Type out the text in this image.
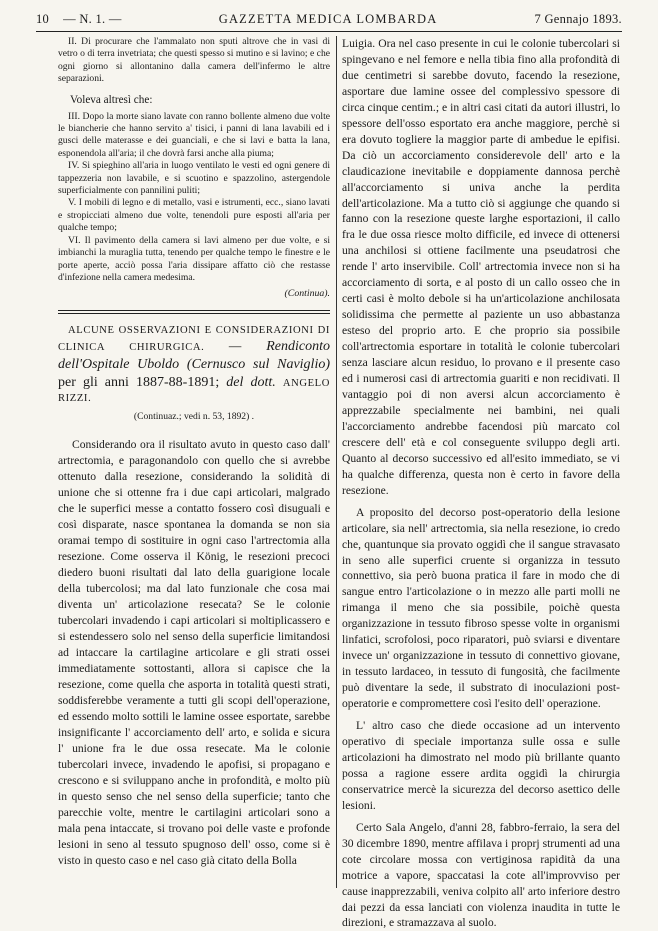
10 — N. 1. —	GAZZETTA MEDICA LOMBARDA	7 Gennajo 1893.

II. Di procurare che l'ammalato non sputi altrove che in vasi di vetro o di terra invetriata; che questi spesso si mutino e si lavino; e che ogni giorno si allontanino dalla camera dell'infermo le altre separazioni.

Voleva altresì che:

III. Dopo la morte siano lavate con ranno bollente almeno due volte le biancherie che hanno servito a' tisici, i panni di lana lavabili ed i gusci delle materasse e dei guanciali, e che si lavi e batta la lana, esponendola all'aria; il che dovrà farsi anche alla piuma;

IV. Si spieghino all'aria in luogo ventilato le vesti ed ogni genere di tappezzeria non lavabile, e si scuotino e spazzolino, astergendole superficialmente con pannilini puliti;

V. I mobili di legno e di metallo, vasi e istrumenti, ecc., siano lavati e stropicciati almeno due volte, tenendoli pure esposti all'aria per qualche tempo;

VI. Il pavimento della camera si lavi almeno per due volte, e si imbianchi la muraglia tutta, tenendo per qualche tempo le finestre e le porte aperte, acciò possa l'aria dissipare affatto ciò che restasse d'infezione nella camera medesima.

(Continua).
ALCUNE OSSERVAZIONI E CONSIDERAZIONI DI CLINICA CHIRURGICA. — Rendiconto dell'Ospitale Uboldo (Cernusco sul Naviglio) per gli anni 1887-88-1891; del dott. ANGELO RIZZI.
(Continuaz.; vedi n. 53, 1892) .

Considerando ora il risultato avuto in questo caso dall' artrectomia, e paragonandolo con quello che si avrebbe ottenuto dalla resezione, considerando la solidità di unione che si ottenne fra i due capi articolari, malgrado che le superfici messe a contatto fossero così disuguali e così disparate, nasce spontanea la domanda se non sia oramai tempo di sostituire in ogni caso l'artrectomia alla resezione. Come osserva il König, le resezioni precoci diedero buoni risultati dal lato della guarigione locale della tubercolosi; ma dal lato funzionale che cosa mai diventa un' articolazione resecata? Se le colonie tubercolari invadendo i capi articolari si moltiplicassero e si estendessero solo nel senso della superficie limitandosi ad intaccare la cartilagine articolare e gli strati ossei immediatamente sottostanti, allora si capisce che la resezione, come quella che asporta in totalità questi strati, soddisferebbe veramente a tutti gli scopi dell'operazione, ed essendo molto sottili le lamine ossee esportate, sarebbe insignificante l' accorciamento dell' arto, e solida e sicura l' unione fra le due ossa resecate. Ma le colonie tubercolari invece, invadendo le apofisi, si propagano e crescono e si sviluppano anche in profondità, e molto più in questo senso che nel senso della superficie; tanto che parecchie volte, mentre le cartilagini articolari sono a mala pena intaccate, si trovano poi delle vaste e profonde lesioni in seno al tessuto spugnoso dell' osso, come si è visto in questo caso e nel caso già citato della Bolla

Luigia. Ora nel caso presente in cui le colonie tubercolari si spingevano e nel femore e nella tibia fino alla profondità di due centimetri si sarebbe dovuto, facendo la resezione, asportare due lamine ossee del complessivo spessore di circa cinque centim.; e in altri casi citati da autori illustri, lo spessore dell'osso esportato era anche maggiore, perchè si era dovuto togliere la maggior parte di ambedue le epifisi. Da ciò un accorciamento considerevole dell' arto e la claudicazione inevitabile e doppiamente dannosa perchè all'accorciamento si univa anche la perdita dell'articolazione. Ma a tutto ciò si aggiunge che quando si fanno con la resezione queste larghe esportazioni, il callo fra le due ossa riesce molto difficile, ed invece di ottenersi una anchilosi si ottiene facilmente una pseudatrosi che rende l' arto inservibile. Coll' artrectomia invece non si ha accorciamento di sorta, e al posto di un callo osseo che in certi casi è molto debole si ha un'articolazione anchilosata solidissima che permette al paziente un uso abbastanza esteso del proprio arto. E che proprio sia possibile coll'artrectomia esportare in totalità le colonie tubercolari senza lasciare alcun residuo, lo provano e il presente caso ed i numerosi casi di artrectomia guariti e non recidivati. Il vantaggio poi di non aversi alcun accorciamento è apprezzabile specialmente nei bambini, nei quali l'accorciamento andrebbe facendosi più marcato col crescere dell' età e col conseguente sviluppo degli arti. Quanto al decorso successivo ed all'esito immediato, se vi ha qualche differenza, questa non è certo in favore della resezione.

A proposito del decorso post-operatorio della lesione articolare, sia nell' artrectomia, sia nella resezione, io credo che, quantunque sia provato oggidì che il sangue stravasato in seno alle superfici cruente si organizza in tessuto connettivo, sia però buona pratica il fare in modo che di sangue entro l'articolazione o in mezzo alle parti molli ne rimanga il meno che sia possibile, poichè questa organizzazione in tessuto fibroso spesse volte in organismi linfatici, scrofolosi, poco riparatori, può sviarsi e diventare invece un' organizzazione in tessuto di connettivo giovane, in tessuto lardaceo, in tessuto di fungosità, che facilmente può diventare la sede, il substrato di inoculazioni post-operatorie e compromettere così l'esito dell' operazione.

L' altro caso che diede occasione ad un intervento operativo di speciale importanza sulle ossa e sulle articolazioni ha dimostrato nel modo più brillante quanto possa a ragione essere ardita oggidì la chirurgia conservatrice mercè la sicurezza del decorso asettico delle lesioni.

Certo Sala Angelo, d'anni 28, fabbro-ferraio, la sera del 30 dicembre 1890, mentre affilava i proprj strumenti ad una cote circolare mossa con vertiginosa rapidità da una motrice a vapore, spaccatasi la cote all'improvviso per cause inapprezzabili, veniva colpito all' arto inferiore destro dai pezzi da essa lanciati con violenza inaudita in tutte le direzioni, e stramazzava al suolo.
